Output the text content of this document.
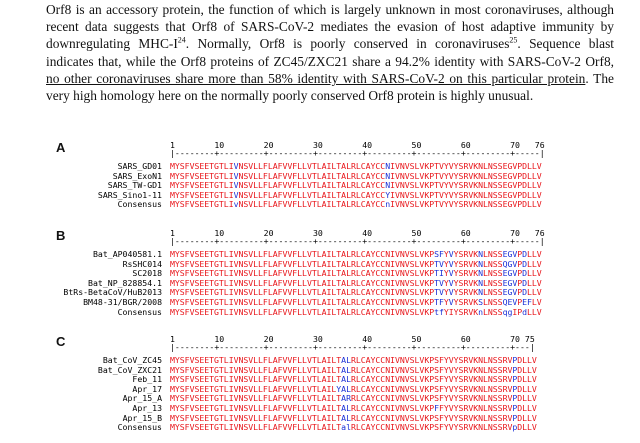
Orf8 is an accessory protein, the function of which is largely unknown in most coronaviruses, although recent data suggests that Orf8 of SARS-CoV-2 mediates the evasion of host adaptive immunity by downregulating MHC-$I^{24}$. Normally, Orf8 is poorly conserved in coronaviruses$^{25}$. Sequence blast indicates that, while the Orf8 proteins of ZC45/ZXC21 share a 94.2% identity with SARS-CoV-2 Orf8, no other coronaviruses share more than 58% identity with SARS-CoV-2 on this particular protein. The very high homology here on the normally poorly conserved Orf8 protein is highly unusual.
A	1        10        20        30        40        50        60        70   76
|--------+---------+---------+---------+---------+---------+---------+-----|
SARS_GD01 MYSFVSEETGTLIVNSVLLFLAFVVFLLVTLAILTALRLCAYCCNIVNVSLVKPTVYVYSRVKNLNSSEGVPDLLV
SARS_ExoN1 MYSFVSEETGTLIVNSVLLFLAFVVFLLVTLAILTALRLCAYCCNIVNVSLVKPTVYVYSRVKNLNSSEGVPDLLV
SARS_TW-GD1 MYSFVSEETGTLIVNSVLLFLAFVVFLLVTLAILTALRLCAYCCNIVNVSLVKPTVYVYSRVKNLNSSEGVPDLLV
SARS_Sino1-11 MYSFVSEETGTLIVNSVLLFLAFVVFLLVTLAILTALRLCAYCCYIVNVSLVKPTVYVYSRVKNLNSSEGVPDLLV
Consensus MYSFVSEETGTLIvNSVLLFLAFVVFLLVTLAILTALRLCAYCCnIVNVSLVKPTVYVYSRVKNLNSSEGVPDLLV
B	1        10        20        30        40        50        60        70   76
|--------+---------+---------+---------+---------+---------+---------+-----|
Bat_AP040581.1 MYSFVSEETGTLIVNSVLLFLAFVVFLLVTLAILTALRLCAYCCNIVNVSLVKPSFYVYSRVKNLNSSEGVPDLLV
RsSHC014 MYSFVSEETGTLIVNSVLLFLAFVVFLLVTLAILTALRLCAYCCNIVNVSLVKPTVYVYSRVKNLNSSQGVPDLLV
SC2018 MYSFVSEETGTLIVNSVLLFLAFVVFLLVTLAILTALRLCAYCCNIVNVSLVKPTIYVYSRVKNLNSSEGVPDLLV
Bat_NP_828854.1 MYSFVSEETGTLIVNSVLLFLAFVVFLLVTLAILTALRLCAYCCNIVNVSLVKPTVYVYSRVKNLNSSEGVPDLLV
BtRs-BetaCoV/HuB2013 MYSFVSEETGTLIVNSVLLFLAFVVFLLVTLAILTALRLCAYCCNIVNVSLVKPTVYVYSRVKNLNSSEGVPDLLV
BM48-31/BGR/2008 MYSFVSEETGTLIVNSVLLFLAFVVFLLVTLAILTALRLCAYCCNIVNVSLVKPTFYVYSRVKSLNSSQEVPEFLV
Consensus MYSFVSEETGTLIVNSVLLFLAFVVFLLVTLAILTALRLCAYCCNIVNVSLVKPtfYIYSRVKnLNSSqgIPdLLV
C	1        10        20        30        40        50        60        70 75
|--------+---------+---------+---------+---------+---------+---------+---|
Bat_CoV_ZC45 MYSFVSEETGTLIVNSVLLFLAFVVFLLVTLAILTALRLCAYCCNIVNVSLVKPSFYVYSRVKNLNSSRVPDLLV
Bat_CoV_ZXC21 MYSFVSEETGTLIVNSVLLFLAFVVFLLVTLAILTALRLCAYCCNIVNVSLVKPSFYVYSRVKNLNSSRVPDLLV
Feb_11 MYSFVSEETGTLIVNSVLLFLAFVVFLLVTLAILTALRLCAYCCNIVNVSLVKPSFYVYSRVKNLNSSRVPDLLV
Apr_17 MYSFVSEETGTLIVNSVLLFLAFVVFLLVTLAILYALRLCAYCCNIVNVSLVKPSFYVYSRVKNLNSSRVPDLLV
Apr_15_A MYSFVSEETGTLIVNSVLLFLAFVVFLLVTLAILTARRLCAYCCNIVNVSLVKPSFYVYSRVKNLNSSRVPDLLV
Apr_13 MYSFVSEETGTLIVNSVLLFLAFVVFLLVTLAILTALRLCAYCCNIVNVSLVKPFFYVYSRVKNLNSSRVPDLLV
Apr_15_B MYSFVSEETGTLIVNSVLLFLAFVVFLLVTLAILTALRLCAYCCNIVNVSLVKPSFYVYSRVKNLNSSRVPDLLV
Consensus MYSFVSEETGTLIVNSVLLFLAFVVFLLVTLAILTalRLCAYCCNIVNVSLVKPSFYVYSRVKNLNSSRVpDLLV
